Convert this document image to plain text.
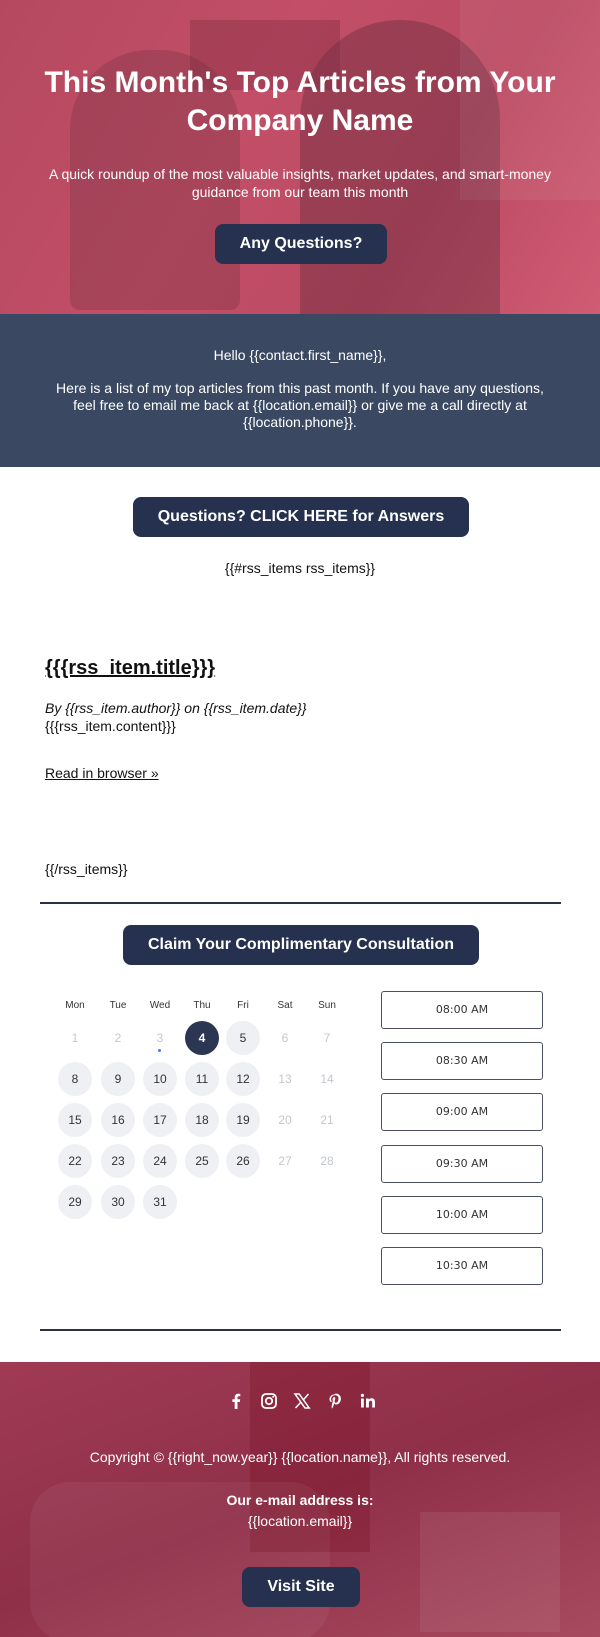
This Month's Top Articles from Your Company Name

A quick roundup of the most valuable insights, market updates, and smart-money guidance from our team this month

Any Questions?
Hello {{contact.first_name}},
Here is a list of my top articles from this past month. If you have any questions, feel free to email me back at {{location.email}} or give me a call directly at {{location.phone}}.
Questions? CLICK HERE for Answers
{{#rss_items rss_items}}
{{{rss_item.title}}}
By {{rss_item.author}} on {{rss_item.date}}
{{{rss_item.content}}}
Read in browser »
{{/rss_items}}
Claim Your Complimentary Consultation
Mon	Tue	Wed	Thu	Fri	Sat	Sun
1	2	3	4	5	6	7
8	9	10	11	12	13	14
15	16	17	18	19	20	21
22	23	24	25	26	27	28
29	30	31
08:00 AM
08:30 AM
09:00 AM
09:30 AM
10:00 AM
10:30 AM
Copyright © {{right_now.year}} {{location.name}}, All rights reserved.
Our e-mail address is:
{{location.email}}
Visit Site
